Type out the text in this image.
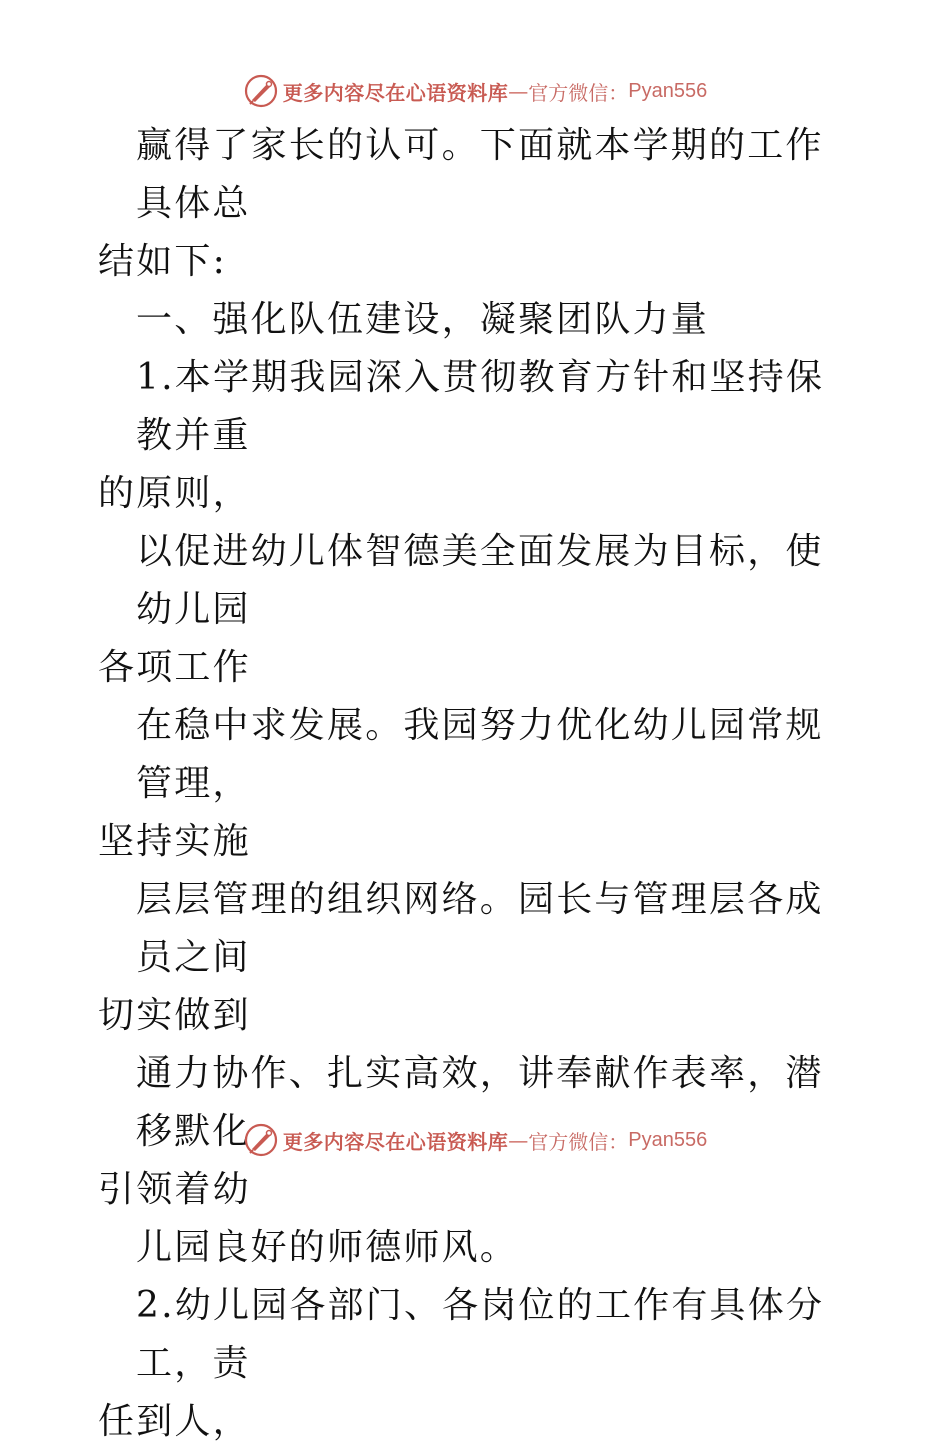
更多内容尽在心语资料库 — 官方微信： Pyan556

赢得了家长的认可。下面就本学期的工作具体总

结如下:

一、强化队伍建设，凝聚团队力量

1.本学期我园深入贯彻教育方针和坚持保教并重

的原则，

以促进幼儿体智德美全面发展为目标，使幼儿园

各项工作

在稳中求发展。我园努力优化幼儿园常规管理，

坚持实施

层层管理的组织网络。园长与管理层各成员之间

切实做到

通力协作、扎实高效，讲奉献作表率，潜移默化

引领着幼

儿园良好的师德师风。

2.幼儿园各部门、各岗位的工作有具体分工，责

任到人，

更多内容尽在心语资料库 — 官方微信： Pyan556
